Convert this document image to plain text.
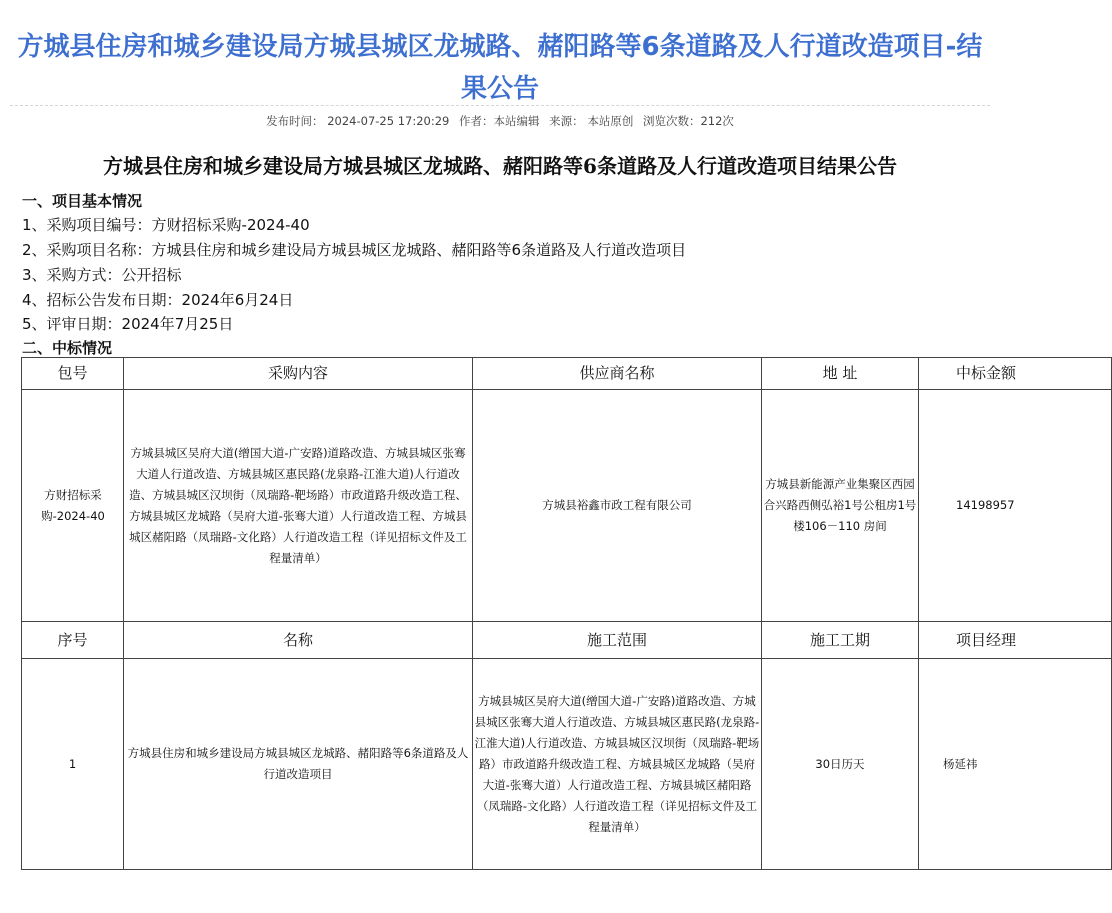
方城县住房和城乡建设局方城县城区龙城路、赭阳路等6条道路及人行道改造项目-结果公告
发布时间： 2024-07-25 17:20:29 作者：本站编辑 来源： 本站原创 浏览次数：212次
方城县住房和城乡建设局方城县城区龙城路、赭阳路等6条道路及人行道改造项目结果公告
一、项目基本情况
1、采购项目编号：方财招标采购-2024-40
2、采购项目名称：方城县住房和城乡建设局方城县城区龙城路、赭阳路等6条道路及人行道改造项目
3、采购方式：公开招标
4、招标公告发布日期：2024年6月24日
5、评审日期：2024年7月25日
二、中标情况
包号	采购内容	供应商名称	地 址	中标金额
方财招标采购-2024-40	方城县城区吴府大道(缯国大道-广安路)道路改造、方城县城区张骞大道人行道改造、方城县城区惠民路(龙泉路-江淮大道)人行道改造、方城县城区汉坝街（凤瑞路-靶场路）市政道路升级改造工程、方城县城区龙城路（吴府大道-张骞大道）人行道改造工程、方城县城区赭阳路（凤瑞路-文化路）人行道改造工程（详见招标文件及工程量清单）	方城县裕鑫市政工程有限公司	方城县新能源产业集聚区西园合兴路西侧弘裕1号公租房1号楼106－110 房间	14198957
序号	名称	施工范围	施工工期	项目经理
1	方城县住房和城乡建设局方城县城区龙城路、赭阳路等6条道路及人行道改造项目	方城县城区吴府大道(缯国大道-广安路)道路改造、方城县城区张骞大道人行道改造、方城县城区惠民路(龙泉路-江淮大道)人行道改造、方城县城区汉坝街（凤瑞路-靶场路）市政道路升级改造工程、方城县城区龙城路（吴府大道-张骞大道）人行道改造工程、方城县城区赭阳路（凤瑞路-文化路）人行道改造工程（详见招标文件及工程量清单）	30日历天	杨延祎
